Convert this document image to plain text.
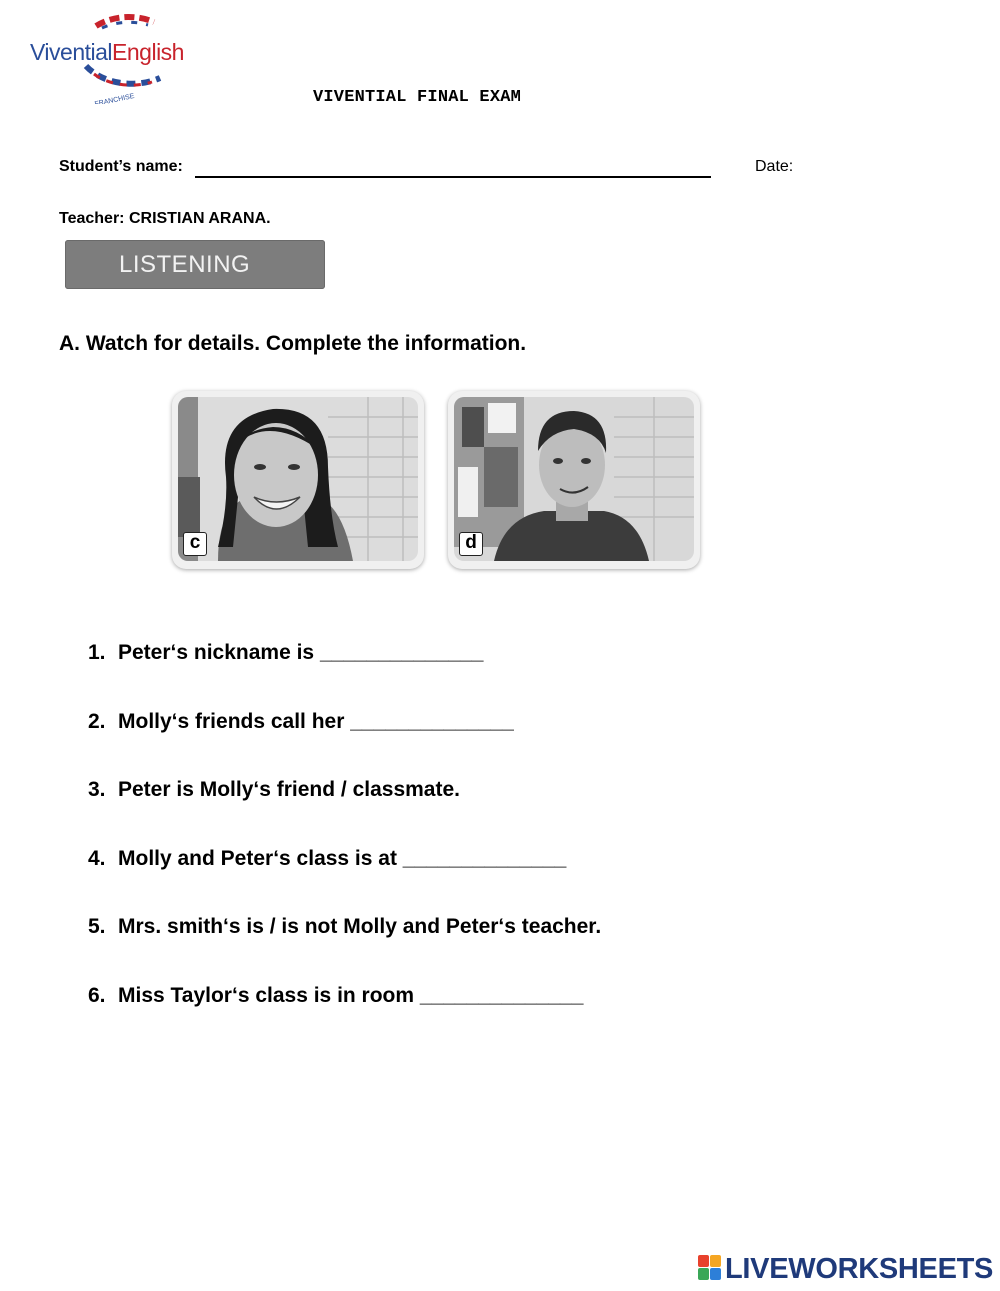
FRANCHISE
ViventialEnglish
VIVENTIAL FINAL EXAM
Student’s name:	Date:
Teacher: CRISTIAN ARANA.
LISTENING
A. Watch for details. Complete the information.
c	d
1. Peter‘s nickname is ______________
2. Molly‘s friends call her ______________
3. Peter is Molly‘s friend / classmate.
4. Molly and Peter‘s class is at ______________
5. Mrs. smith‘s is / is not Molly and Peter‘s teacher.
6. Miss Taylor‘s class is in room ______________
LIVEWORKSHEETS
